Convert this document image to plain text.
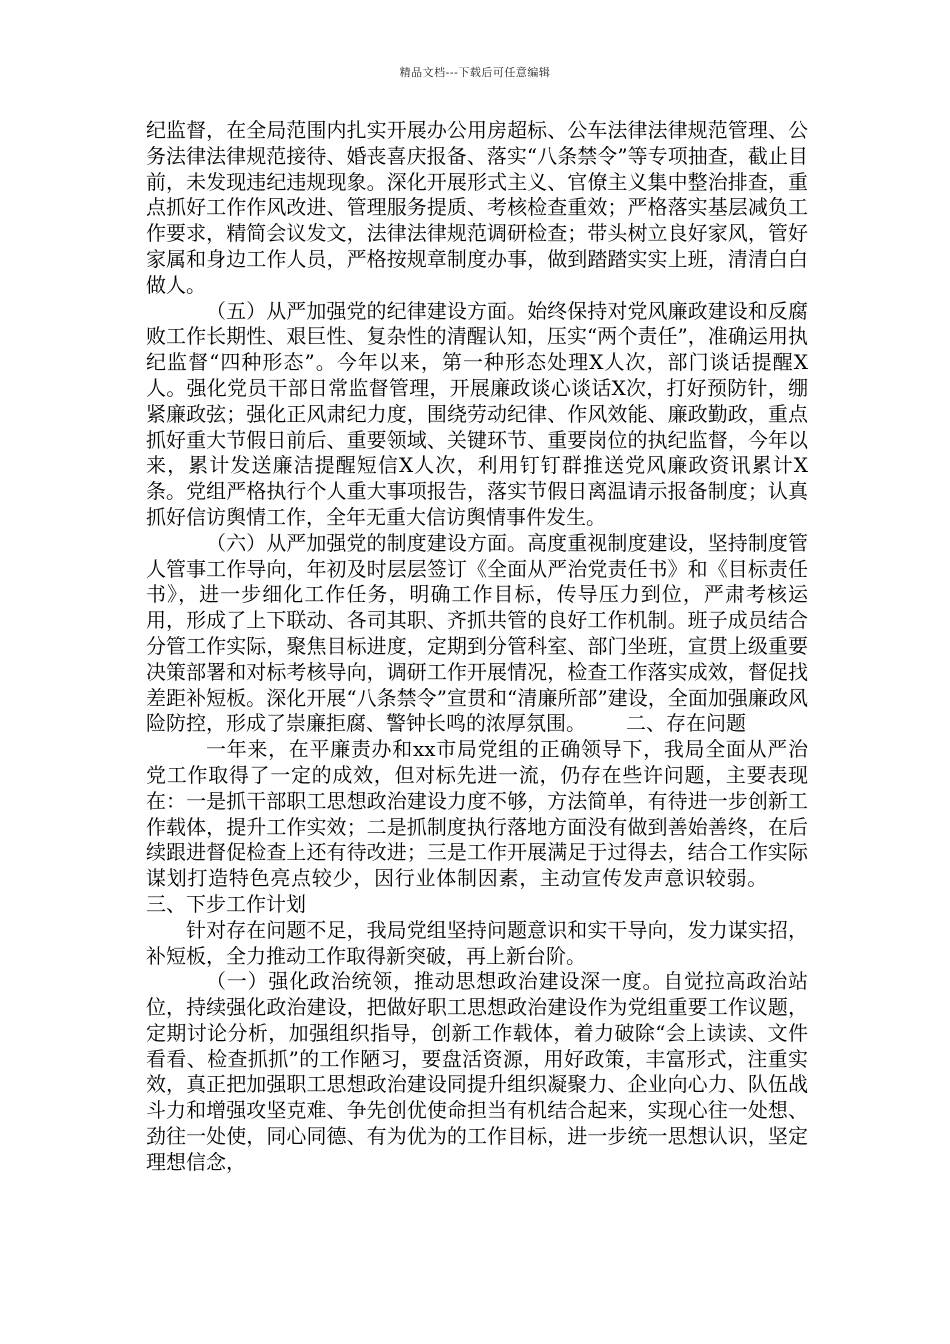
精品文档---下载后可任意编辑

纪监督，在全局范围内扎实开展办公用房超标、公车法律法律规范管理、公务法律法律规范接待、婚丧喜庆报备、落实“八条禁令”等专项抽查，截止目前，未发现违纪违规现象。深化开展形式主义、官僚主义集中整治排查，重点抓好工作作风改进、管理服务提质、考核检查重效；严格落实基层减负工作要求，精简会议发文，法律法律规范调研检查；带头树立良好家风，管好家属和身边工作人员，严格按规章制度办事，做到踏踏实实上班，清清白白做人。

（五）从严加强党的纪律建设方面。始终保持对党风廉政建设和反腐败工作长期性、艰巨性、复杂性的清醒认知，压实“两个责任”，准确运用执纪监督“四种形态”。今年以来，第一种形态处理X人次，部门谈话提醒X人。强化党员干部日常监督管理，开展廉政谈心谈话X次，打好预防针，绷紧廉政弦；强化正风肃纪力度，围绕劳动纪律、作风效能、廉政勤政，重点抓好重大节假日前后、重要领域、关键环节、重要岗位的执纪监督，今年以来，累计发送廉洁提醒短信X人次，利用钉钉群推送党风廉政资讯累计X条。党组严格执行个人重大事项报告，落实节假日离温请示报备制度；认真抓好信访舆情工作，全年无重大信访舆情事件发生。

（六）从严加强党的制度建设方面。高度重视制度建设，坚持制度管人管事工作导向，年初及时层层签订《全面从严治党责任书》和《目标责任书》，进一步细化工作任务，明确工作目标，传导压力到位，严肃考核运用，形成了上下联动、各司其职、齐抓共管的良好工作机制。班子成员结合分管工作实际，聚焦目标进度，定期到分管科室、部门坐班，宣贯上级重要决策部署和对标考核导向，调研工作开展情况，检查工作落实成效，督促找差距补短板。深化开展“八条禁令”宣贯和“清廉所部”建设，全面加强廉政风险防控，形成了崇廉拒腐、警钟长鸣的浓厚氛围。 二、存在问题

一年来，在平廉责办和xx市局党组的正确领导下，我局全面从严治党工作取得了一定的成效，但对标先进一流，仍存在些许问题，主要表现在：一是抓干部职工思想政治建设力度不够，方法简单，有待进一步创新工作载体，提升工作实效；二是抓制度执行落地方面没有做到善始善终，在后续跟进督促检查上还有待改进；三是工作开展满足于过得去，结合工作实际谋划打造特色亮点较少，因行业体制因素，主动宣传发声意识较弱。三、下步工作计划

针对存在问题不足，我局党组坚持问题意识和实干导向，发力谋实招，补短板，全力推动工作取得新突破，再上新台阶。

（一）强化政治统领，推动思想政治建设深一度。自觉拉高政治站位，持续强化政治建设，把做好职工思想政治建设作为党组重要工作议题，定期讨论分析，加强组织指导，创新工作载体，着力破除“会上读读、文件看看、检查抓抓”的工作陋习，要盘活资源，用好政策，丰富形式，注重实效，真正把加强职工思想政治建设同提升组织凝聚力、企业向心力、队伍战斗力和增强攻坚克难、争先创优使命担当有机结合起来，实现心往一处想、劲往一处使，同心同德、有为优为的工作目标，进一步统一思想认识，坚定理想信念，
